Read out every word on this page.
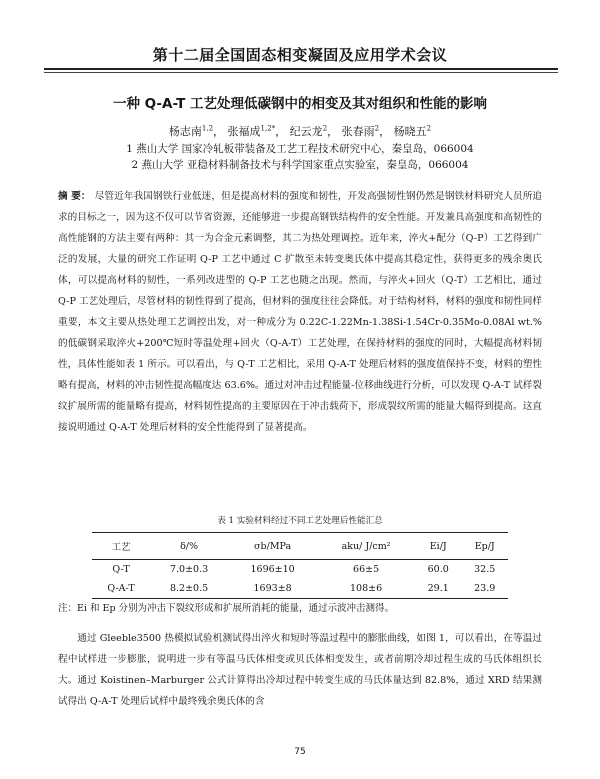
第十二届全国固态相变凝固及应用学术会议
一种 Q-A-T 工艺处理低碳钢中的相变及其对组织和性能的影响
杨志南$^{1,2}$， 张福成$^{1,2*}$， 纪云龙$^2$， 张春雨$^2$， 杨晓五$^2$
1 燕山大学 国家冷轧板带装备及工艺工程技术研究中心，秦皇岛，066004
2 燕山大学 亚稳材料制备技术与科学国家重点实验室，秦皇岛，066004
摘 要： 尽管近年我国钢铁行业低迷，但是提高材料的强度和韧性，开发高强韧性钢仍然是钢铁材料研究人员所追求的目标之一，因为这不仅可以节省资源，还能够进一步提高钢铁结构件的安全性能。开发兼具高强度和高韧性的高性能钢的方法主要有两种：其一为合金元素调整，其二为热处理调控。近年来，淬火+配分（Q-P）工艺得到广泛的发展，大量的研究工作证明 Q-P 工艺中通过 C 扩散至未转变奥氏体中提高其稳定性，获得更多的残余奥氏体，可以提高材料的韧性，一系列改进型的 Q-P 工艺也随之出现。然而，与淬火+回火（Q-T）工艺相比，通过 Q-P 工艺处理后，尽管材料的韧性得到了提高，但材料的强度往往会降低。对于结构材料，材料的强度和韧性同样重要，本文主要从热处理工艺调控出发，对一种成分为 0.22C-1.22Mn-1.38Si-1.54Cr-0.35Mo-0.08Al wt.%的低碳钢采取淬火+200℃短时等温处理+回火（Q-A-T）工艺处理，在保持材料的强度的同时，大幅提高材料韧性，具体性能如表 1 所示。可以看出，与 Q-T 工艺相比，采用 Q-A-T 处理后材料的强度值保持不变，材料的塑性略有提高，材料的冲击韧性提高幅度达 63.6%。通过对冲击过程能量-位移曲线进行分析，可以发现 Q-A-T 试样裂纹扩展所需的能量略有提高，材料韧性提高的主要原因在于冲击载荷下，形成裂纹所需的能量大幅得到提高。这直接说明通过 Q-A-T 处理后材料的安全性能得到了显著提高。
表 1 实验材料经过不同工艺处理后性能汇总
工艺	δ/%	σb/MPa	aku/ J/cm²	Ei/J	Ep/J
Q-T	7.0±0.3	1696±10	66±5	60.0	32.5
Q-A-T	8.2±0.5	1693±8	108±6	29.1	23.9
注：Ei 和 Ep 分别为冲击下裂纹形成和扩展所消耗的能量，通过示波冲击测得。
通过 Gleeble3500 热模拟试验机测试得出淬火和短时等温过程中的膨胀曲线，如图 1，可以看出，在等温过程中试样进一步膨胀，说明进一步有等温马氏体相变或贝氏体相变发生，或者前期冷却过程生成的马氏体组织长大。通过 Koistinen–Marburger 公式计算得出冷却过程中转变生成的马氏体量达到 82.8%，通过 XRD 结果测试得出 Q-A-T 处理后试样中最终残余奥氏体的含
75
